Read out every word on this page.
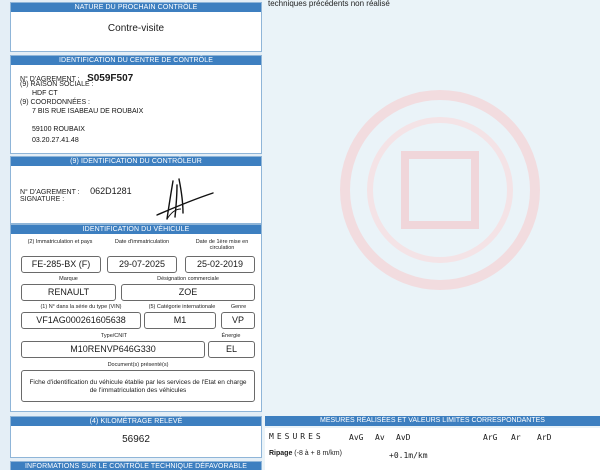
NATURE DU PROCHAIN CONTRÔLE
Contre-visite
IDENTIFICATION DU CENTRE DE CONTRÔLE
N° D'AGREMENT : S059F507
(9) RAISON SOCIALE :
HDF CT
(9) COORDONNÉES :
7 BIS RUE ISABEAU DE ROUBAIX
59100 ROUBAIX
03.20.27.41.48
(9) IDENTIFICATION DU CONTRÔLEUR
N° D'AGREMENT : 062D1281
SIGNATURE :
IDENTIFICATION DU VÉHICULE
(2) Immatriculation et pays	Date d'immatriculation	Date de 1ère mise en circulation
FE-285-BX (F)	29-07-2025	25-02-2019
Marque	Désignation commerciale
RENAULT	ZOE
(1) N° dans la série du type (VIN)	(5) Catégorie internationale	Genre
VF1AG000261605638	M1	VP
Type/CNIT	Énergie
M10RENVP646G330	EL
Document(s) présenté(s)
Fiche d'identification du véhicule établie par les services de l'Etat en charge
de l'immatriculation des véhicules
(4) KILOMÉTRAGE RELEVÉ
56962
INFORMATIONS SUR LE CONTRÔLE TECHNIQUE DÉFAVORABLE
techniques précédents non réalisé
MESURES RÉALISÉES ET VALEURS LIMITES CORRESPONDANTES
MESURES	AvG Av AvD	ArG Ar ArD
Ripage (-8 à + 8 m/km)	+0.1m/km
